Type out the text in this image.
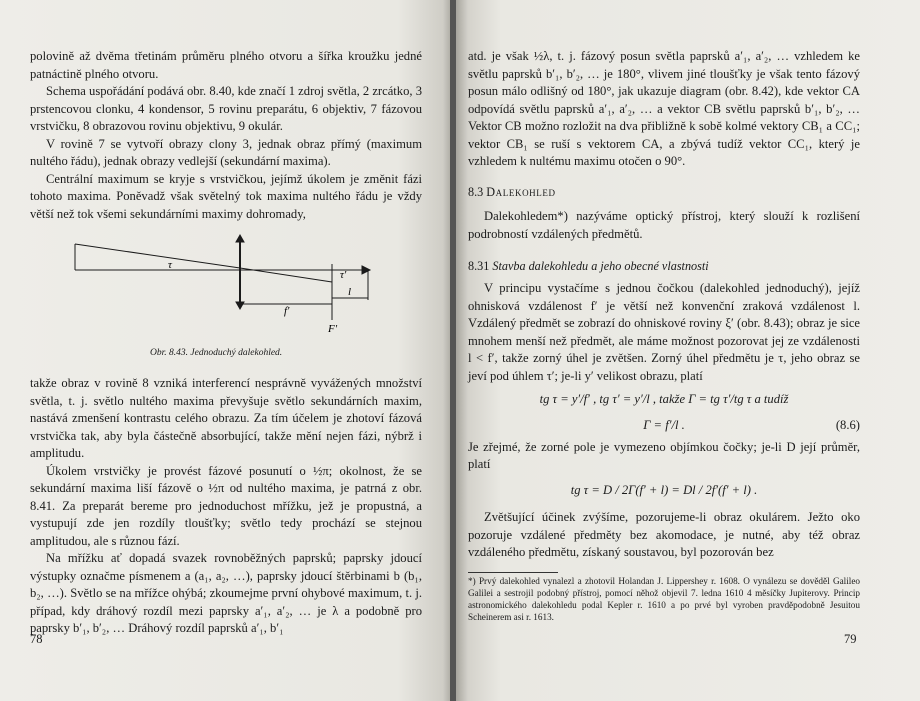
polovině až dvěma třetinám průměru plného otvoru a šířka kroužku jedné patnáctině plného otvoru.

Schema uspořádání podává obr. 8.40, kde značí 1 zdroj světla, 2 zrcátko, 3 prstencovou clonku, 4 kondensor, 5 rovinu preparátu, 6 objektiv, 7 fázovou vrstvičku, 8 obrazovou rovinu objektivu, 9 okulár.

V rovině 7 se vytvoří obrazy clony 3, jednak obraz přímý (maximum nultého řádu), jednak obrazy vedlejší (sekundární maxima).

Centrální maximum se kryje s vrstvičkou, jejímž úkolem je změnit fázi tohoto maxima. Poněvadž však světelný tok maxima nultého řádu je vždy větší než tok všemi sekundárními maximy dohromady,

τ
τ'
f'
l
F'
Obr. 8.43. Jednoduchý dalekohled.

takže obraz v rovině 8 vzniká interferencí nesprávně vyvážených množství světla, t. j. světlo nultého maxima převyšuje světlo sekundárních maxim, nastává zmenšení kontrastu celého obrazu. Za tím účelem je zhotoví fázová vrstvička tak, aby byla částečně absorbující, takže mění nejen fázi, nýbrž i amplitudu.

Úkolem vrstvičky je provést fázové posunutí o ½π; okolnost, že se sekundární maxima liší fázově o ½π od nultého maxima, je patrná z obr. 8.41. Za preparát bereme pro jednoduchost mřížku, jež je propustná, a vystupují zde jen rozdíly tloušťky; světlo tedy prochází se stejnou amplitudou, ale s různou fází.

Na mřížku ať dopadá svazek rovnoběžných paprsků; paprsky jdoucí výstupky označme písmenem a (a₁, a₂, …), paprsky jdoucí štěrbinami b (b₁, b₂, …). Světlo se na mřížce ohýbá; zkoumejme první ohybové maximum, t. j. případ, kdy dráhový rozdíl mezi paprsky a′₁, a′₂, … je λ a podobně pro paprsky b′₁, b′₂, … Dráhový rozdíl paprsků a′₁, b′₁

78

atd. je však ½λ, t. j. fázový posun světla paprsků a′₁, a′₂, … vzhledem ke světlu paprsků b′₁, b′₂, … je 180°, vlivem jiné tloušťky je však tento fázový posun málo odlišný od 180°, jak ukazuje diagram (obr. 8.42), kde vektor CA odpovídá světlu paprsků a′₁, a′₂, … a vektor CB světlu paprsků b′₁, b′₂, … Vektor CB možno rozložit na dva přibližně k sobě kolmé vektory CB₁ a CC₁; vektor CB₁ se ruší s vektorem CA, a zbývá tudíž vektor CC₁, který je vzhledem k nultému maximu otočen o 90°.

8.3 Dalekohled

Dalekohledem*) nazýváme optický přístroj, který slouží k rozlišení podrobností vzdálených předmětů.

8.31 Stavba dalekohledu a jeho obecné vlastnosti

V principu vystačíme s jednou čočkou (dalekohled jednoduchý), jejíž ohnisková vzdálenost f′ je větší než konvenční zraková vzdálenost l. Vzdálený předmět se zobrazí do ohniskové roviny ξ′ (obr. 8.43); obraz je sice mnohem menší než předmět, ale máme možnost pozorovat jej ze vzdálenosti l < f′, takže zorný úhel je zvětšen. Zorný úhel předmětu je τ, jeho obraz se jeví pod úhlem τ′; je-li y′ velikost obrazu, platí

tg τ = y′/f′ , tg τ′ = y′/l , takže Γ = tg τ′/tg τ a tudíž

Γ = f′/l .	(8.6)

Je zřejmé, že zorné pole je vymezeno objímkou čočky; je-li D její průměr, platí

tg τ = D / 2Γ(f′ + l) = Dl / 2f′(f′ + l) .

Zvětšující účinek zvýšíme, pozorujeme-li obraz okulárem. Ježto oko pozoruje vzdálené předměty bez akomodace, je nutné, aby též obraz vzdáleného předmětu, získaný soustavou, byl pozorován bez

*) Prvý dalekohled vynalezl a zhotovil Holandan J. Lippershey r. 1608. O vynálezu se dověděl Galileo Galilei a sestrojil podobný přístroj, pomocí něhož objevil 7. ledna 1610 4 měsíčky Jupiterovy. Princip astronomického dalekohledu podal Kepler r. 1610 a po prvé byl vyroben pravděpodobně Jesuitou Scheinerem asi r. 1613.
79
